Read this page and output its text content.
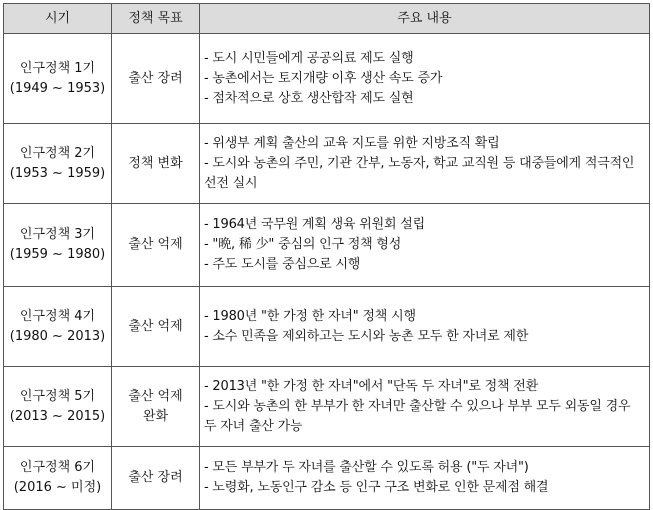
시기	정책 목표	주요 내용

인구정책 1기
(1949 ~ 1953)	출산 장려	- 도시 시민들에게 공공의료 제도 실행
- 농촌에서는 토지개량 이후 생산 속도 증가
- 점차적으로 상호 생산합작 제도 실현

인구정책 2기
(1953 ~ 1959)	정책 변화	- 위생부 계획 출산의 교육 지도를 위한 지방조직 확립
- 도시와 농촌의 주민, 기관 간부, 노동자, 학교 교직원 등 대중들에게 적극적인 선전 실시

인구정책 3기
(1959 ~ 1980)	출산 억제	- 1964년 국무원 계획 생육 위원회 설립
- "晩, 稀 少" 중심의 인구 정책 형성
- 주도 도시를 중심으로 시행

인구정책 4기
(1980 ~ 2013)	출산 억제	- 1980년 "한 가정 한 자녀" 정책 시행
- 소수 민족을 제외하고는 도시와 농촌 모두 한 자녀로 제한

인구정책 5기
(2013 ~ 2015)	출산 억제
완화	- 2013년 "한 가정 한 자녀"에서 "단독 두 자녀"로 정책 전환
- 도시와 농촌의 한 부부가 한 자녀만 출산할 수 있으나 부부 모두 외동일 경우 두 자녀 출산 가능

인구정책 6기
(2016 ~ 미정)	출산 장려	- 모든 부부가 두 자녀를 출산할 수 있도록 허용 ("두 자녀")
- 노령화, 노동인구 감소 등 인구 구조 변화로 인한 문제점 해결
